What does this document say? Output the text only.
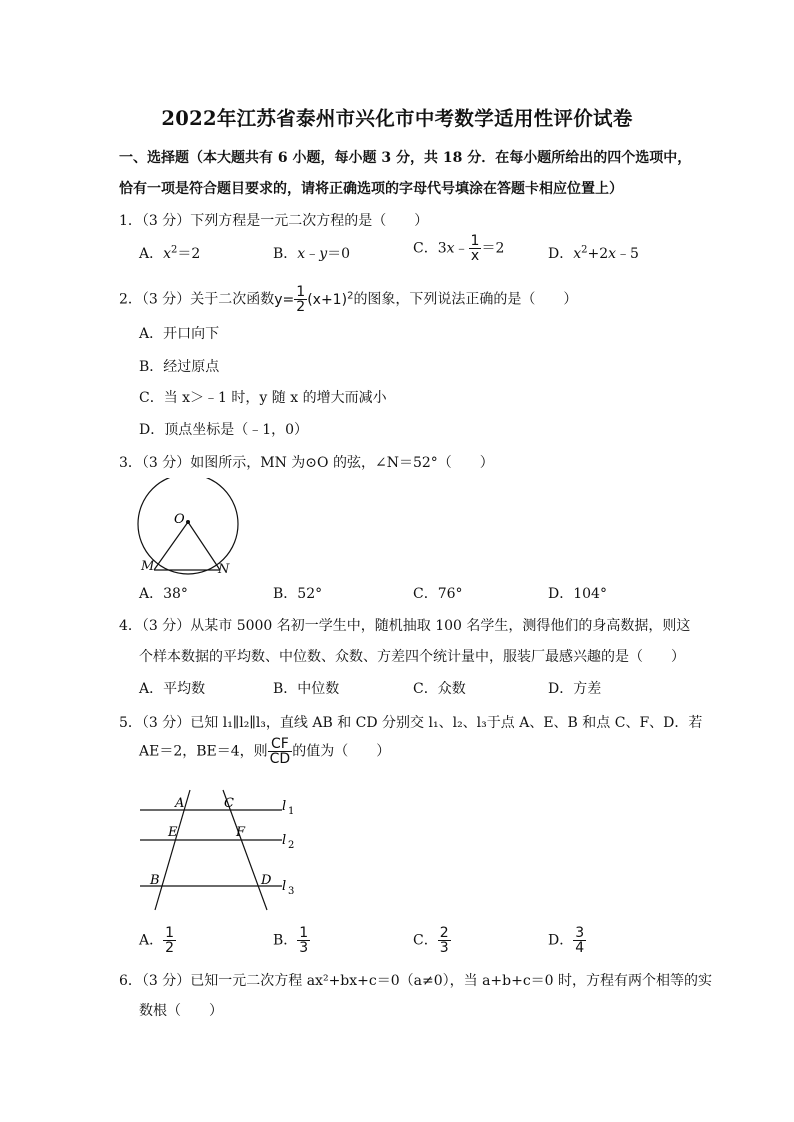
2022年江苏省泰州市兴化市中考数学适用性评价试卷
一、选择题（本大题共有 6 小题，每小题 3 分，共 18 分．在每小题所给出的四个选项中，
恰有一项是符合题目要求的，请将正确选项的字母代号填涂在答题卡相应位置上）
1．（3 分）下列方程是一元二次方程的是（　　）
A．$x^2=2$	B．x﹣y＝0	C．3x﹣ $\frac{1}{x} =2$	D．$x^2+2x﹣5$
2．（3 分）关于二次函数$y= \frac{1}{2} (x+1)^2$的图象，下列说法正确的是（　　）
A．开口向下
B．经过原点
C．当 x＞﹣1 时，y 随 x 的增大而减小
D．顶点坐标是（﹣1，0）
3．（3 分）如图所示，MN 为⊙O 的弦，∠N＝52°（　　）
O
M	N
A．38°	B．52°	C．76°	D．104°
4．（3 分）从某市 5000 名初一学生中，随机抽取 100 名学生，测得他们的身高数据，则这
个样本数据的平均数、中位数、众数、方差四个统计量中，服装厂最感兴趣的是（　　）
A．平均数	B．中位数	C．众数	D．方差
5．（3 分）已知 l₁∥l₂∥l₃，直线 AB 和 CD 分别交 l₁、l₂、l₃于点 A、E、B 和点 C、F、D．若
AE＝2，BE＝4，则 $\frac{CF}{CD}$ 的值为（　　）
A	C
E	F
B	D
l 1
l 2
l 3
A． $\frac{1}{2}$	B． $\frac{1}{3}$	C． $\frac{2}{3}$	D． $\frac{3}{4}$
6．（3 分）已知一元二次方程 ax²+bx+c＝0（a≠0），当 a+b+c＝0 时，方程有两个相等的实
数根（　　）
